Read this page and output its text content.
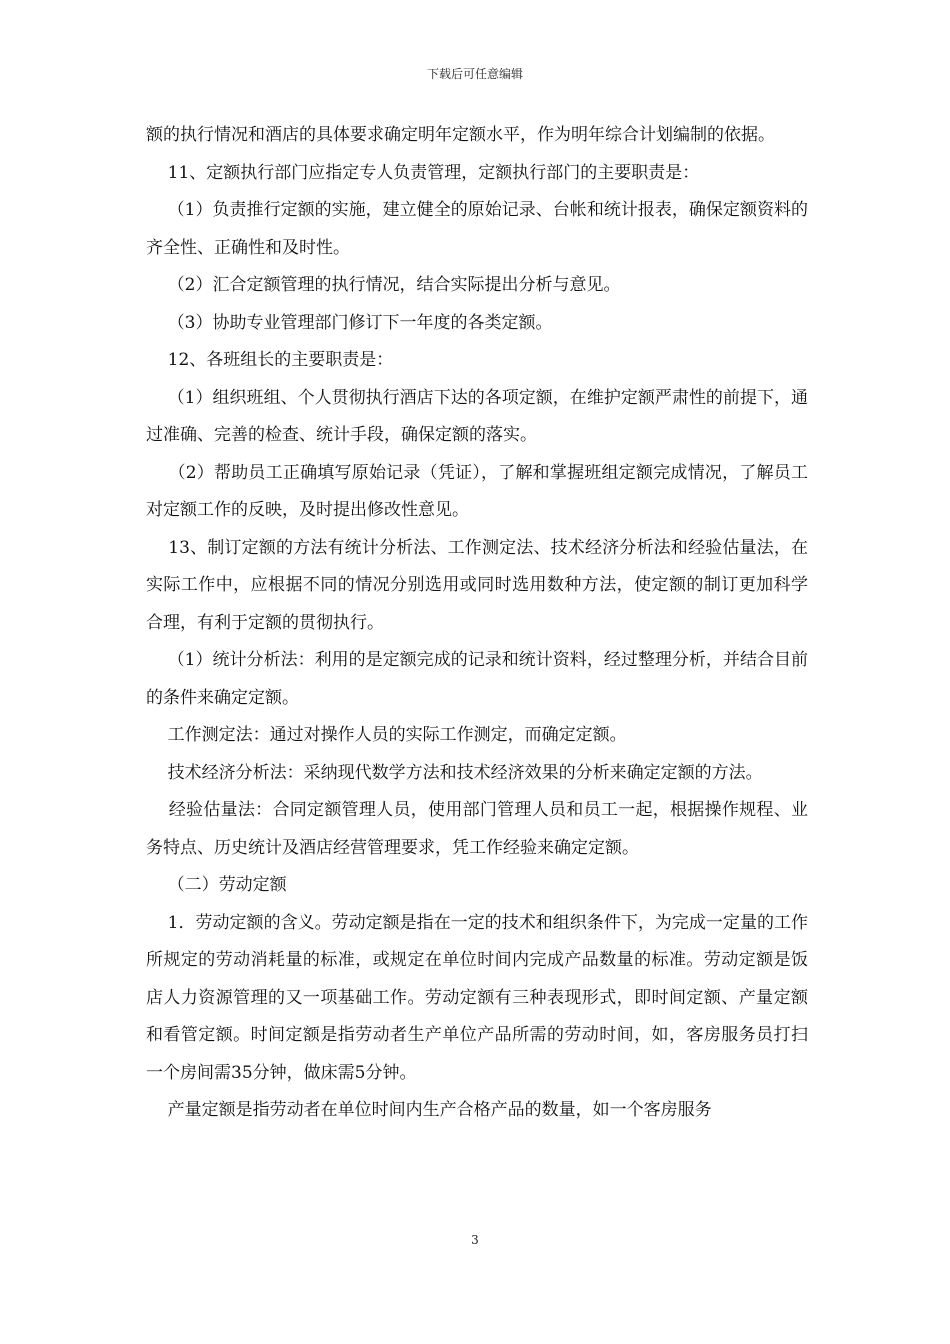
下载后可任意编辑

额的执行情况和酒店的具体要求确定明年定额水平，作为明年综合计划编制的依据。

11、定额执行部门应指定专人负责管理，定额执行部门的主要职责是：

（1）负责推行定额的实施，建立健全的原始记录、台帐和统计报表，确保定额资料的齐全性、正确性和及时性。

（2）汇合定额管理的执行情况，结合实际提出分析与意见。

（3）协助专业管理部门修订下一年度的各类定额。

12、各班组长的主要职责是：

（1）组织班组、个人贯彻执行酒店下达的各项定额，在维护定额严肃性的前提下，通过准确、完善的检查、统计手段，确保定额的落实。

（2）帮助员工正确填写原始记录（凭证），了解和掌握班组定额完成情况，了解员工对定额工作的反映，及时提出修改性意见。

13、制订定额的方法有统计分析法、工作测定法、技术经济分析法和经验估量法，在实际工作中，应根据不同的情况分别选用或同时选用数种方法，使定额的制订更加科学合理，有利于定额的贯彻执行。

（1）统计分析法：利用的是定额完成的记录和统计资料，经过整理分析，并结合目前的条件来确定定额。

工作测定法：通过对操作人员的实际工作测定，而确定定额。

技术经济分析法：采纳现代数学方法和技术经济效果的分析来确定定额的方法。

经验估量法：合同定额管理人员，使用部门管理人员和员工一起，根据操作规程、业务特点、历史统计及酒店经营管理要求，凭工作经验来确定定额。

（二）劳动定额

1．劳动定额的含义。劳动定额是指在一定的技术和组织条件下，为完成一定量的工作所规定的劳动消耗量的标准，或规定在单位时间内完成产品数量的标准。劳动定额是饭店人力资源管理的又一项基础工作。劳动定额有三种表现形式，即时间定额、产量定额和看管定额。时间定额是指劳动者生产单位产品所需的劳动时间，如，客房服务员打扫一个房间需35分钟，做床需5分钟。

产量定额是指劳动者在单位时间内生产合格产品的数量，如一个客房服务

3
